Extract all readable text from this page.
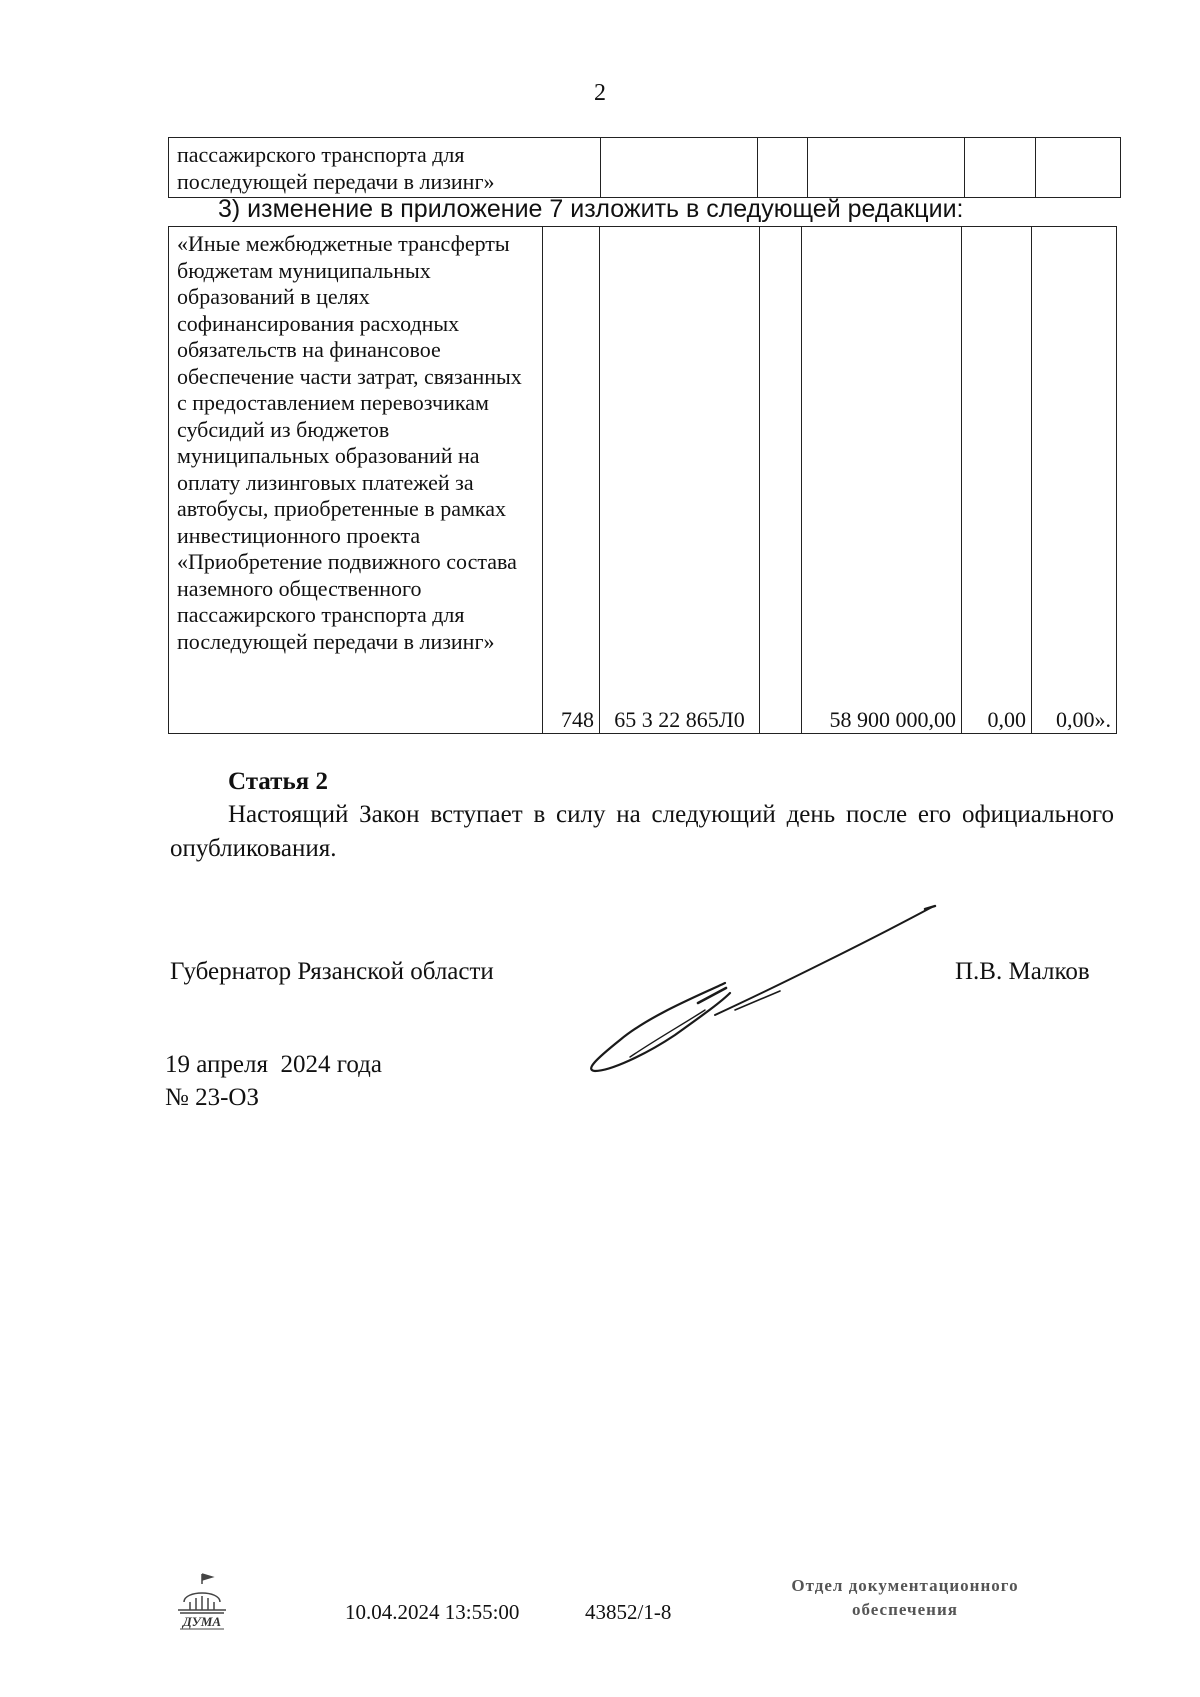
2
пассажирского транспорта для последующей передачи в лизинг»					
3) изменение в приложение 7 изложить в следующей редакции:
«Иные межбюджетные трансферты бюджетам муниципальных образований в целях софинансирования расходных обязательств на финансовое обеспечение части затрат, связанных с предоставлением перевозчикам субсидий из бюджетов муниципальных образований на оплату лизинговых платежей за автобусы, приобретенные в рамках инвестиционного проекта «Приобретение подвижного состава наземного общественного пассажирского транспорта для последующей передачи в лизинг»	748	65 3 22 865Л0		58 900 000,00	0,00	0,00».
Статья 2
Настоящий Закон вступает в силу на следующий день после его официального опубликования.
Губернатор Рязанской области	П.В. Малков
19 апреля  2024 года
№ 23-ОЗ
ДУМА	10.04.2024 13:55:00	43852/1-8
Отдел документационного
обеспечения
